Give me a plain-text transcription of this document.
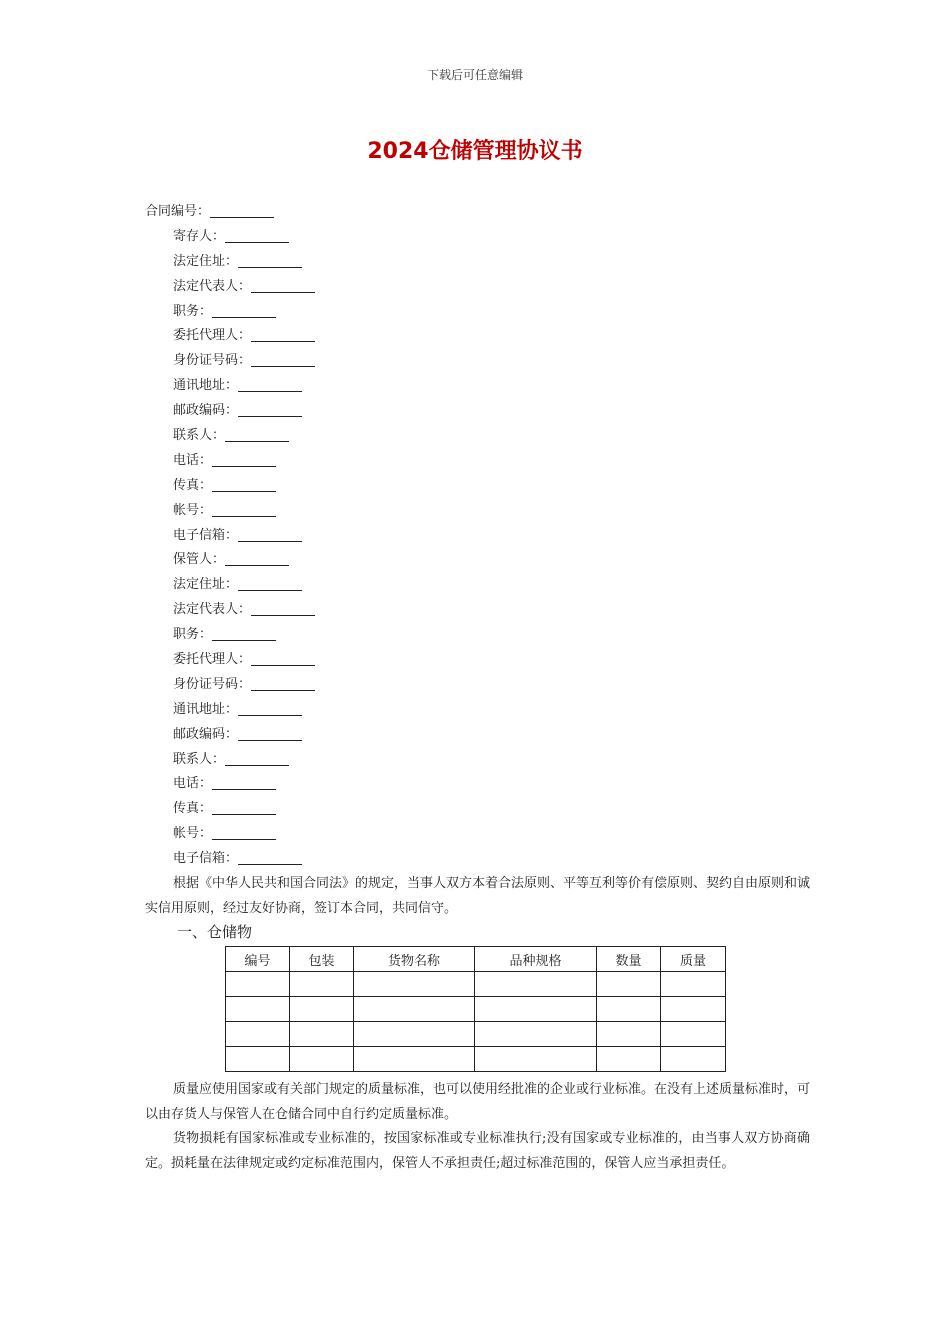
下载后可任意编辑
2024仓储管理协议书
合同编号：
寄存人：
法定住址：
法定代表人：
职务：
委托代理人：
身份证号码：
通讯地址：
邮政编码：
联系人：
电话：
传真：
帐号：
电子信箱：
保管人：
法定住址：
法定代表人：
职务：
委托代理人：
身份证号码：
通讯地址：
邮政编码：
联系人：
电话：
传真：
帐号：
电子信箱：
根据《中华人民共和国合同法》的规定，当事人双方本着合法原则、平等互利等价有偿原则、契约自由原则和诚实信用原则，经过友好协商，签订本合同，共同信守。
一、仓储物
编号	包装	货物名称	品种规格	数量	质量

质量应使用国家或有关部门规定的质量标准，也可以使用经批准的企业或行业标准。在没有上述质量标准时，可以由存货人与保管人在仓储合同中自行约定质量标准。
货物损耗有国家标准或专业标准的，按国家标准或专业标准执行;没有国家或专业标准的，由当事人双方协商确定。损耗量在法律规定或约定标准范围内，保管人不承担责任;超过标准范围的，保管人应当承担责任。
